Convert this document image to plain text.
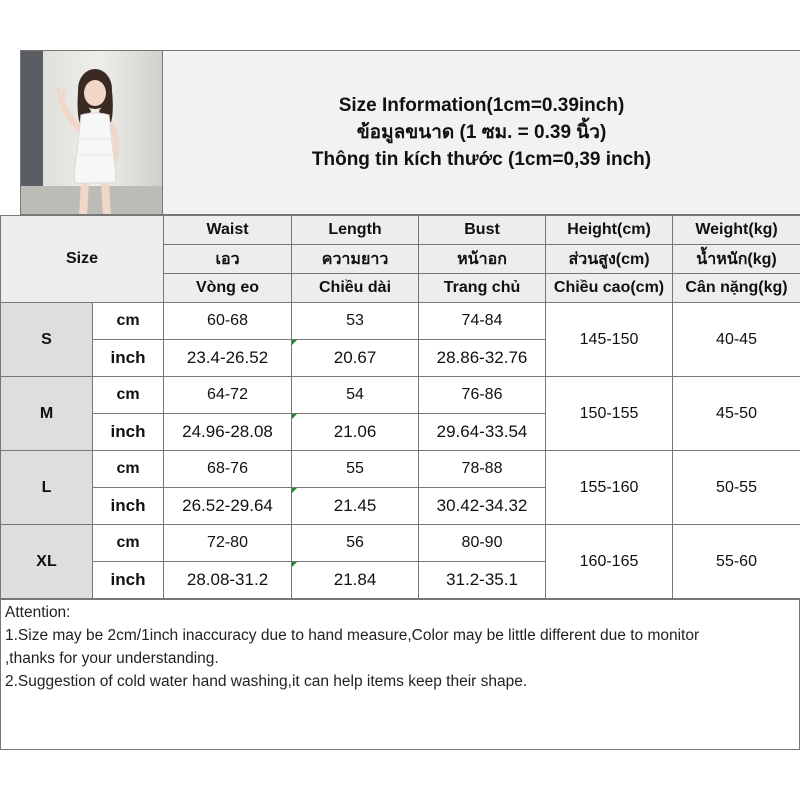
Size Information(1cm=0.39inch)
ข้อมูลขนาด (1 ซม. = 0.39 นิ้ว)
Thông tin kích thước (1cm=0,39 inch)
Size		Waist	Length	Bust	Height(cm)	Weight(kg)
		เอว	ความยาว	หน้าอก	ส่วนสูง(cm)	น้ำหนัก(kg)
		Vòng eo	Chiều dài	Trang chủ	Chiều cao(cm)	Cân nặng(kg)
S	cm	60-68	53	74-84	145-150	40-45
	inch	23.4-26.52	20.67	28.86-32.76		
M	cm	64-72	54	76-86	150-155	45-50
	inch	24.96-28.08	21.06	29.64-33.54		
L	cm	68-76	55	78-88	155-160	50-55
	inch	26.52-29.64	21.45	30.42-34.32		
XL	cm	72-80	56	80-90	160-165	55-60
	inch	28.08-31.2	21.84	31.2-35.1		
Attention:
1.Size may be 2cm/1inch inaccuracy due to hand measure,Color may be little different due to monitor
,thanks for your understanding.
2.Suggestion of cold water hand washing,it can help items keep their shape.
